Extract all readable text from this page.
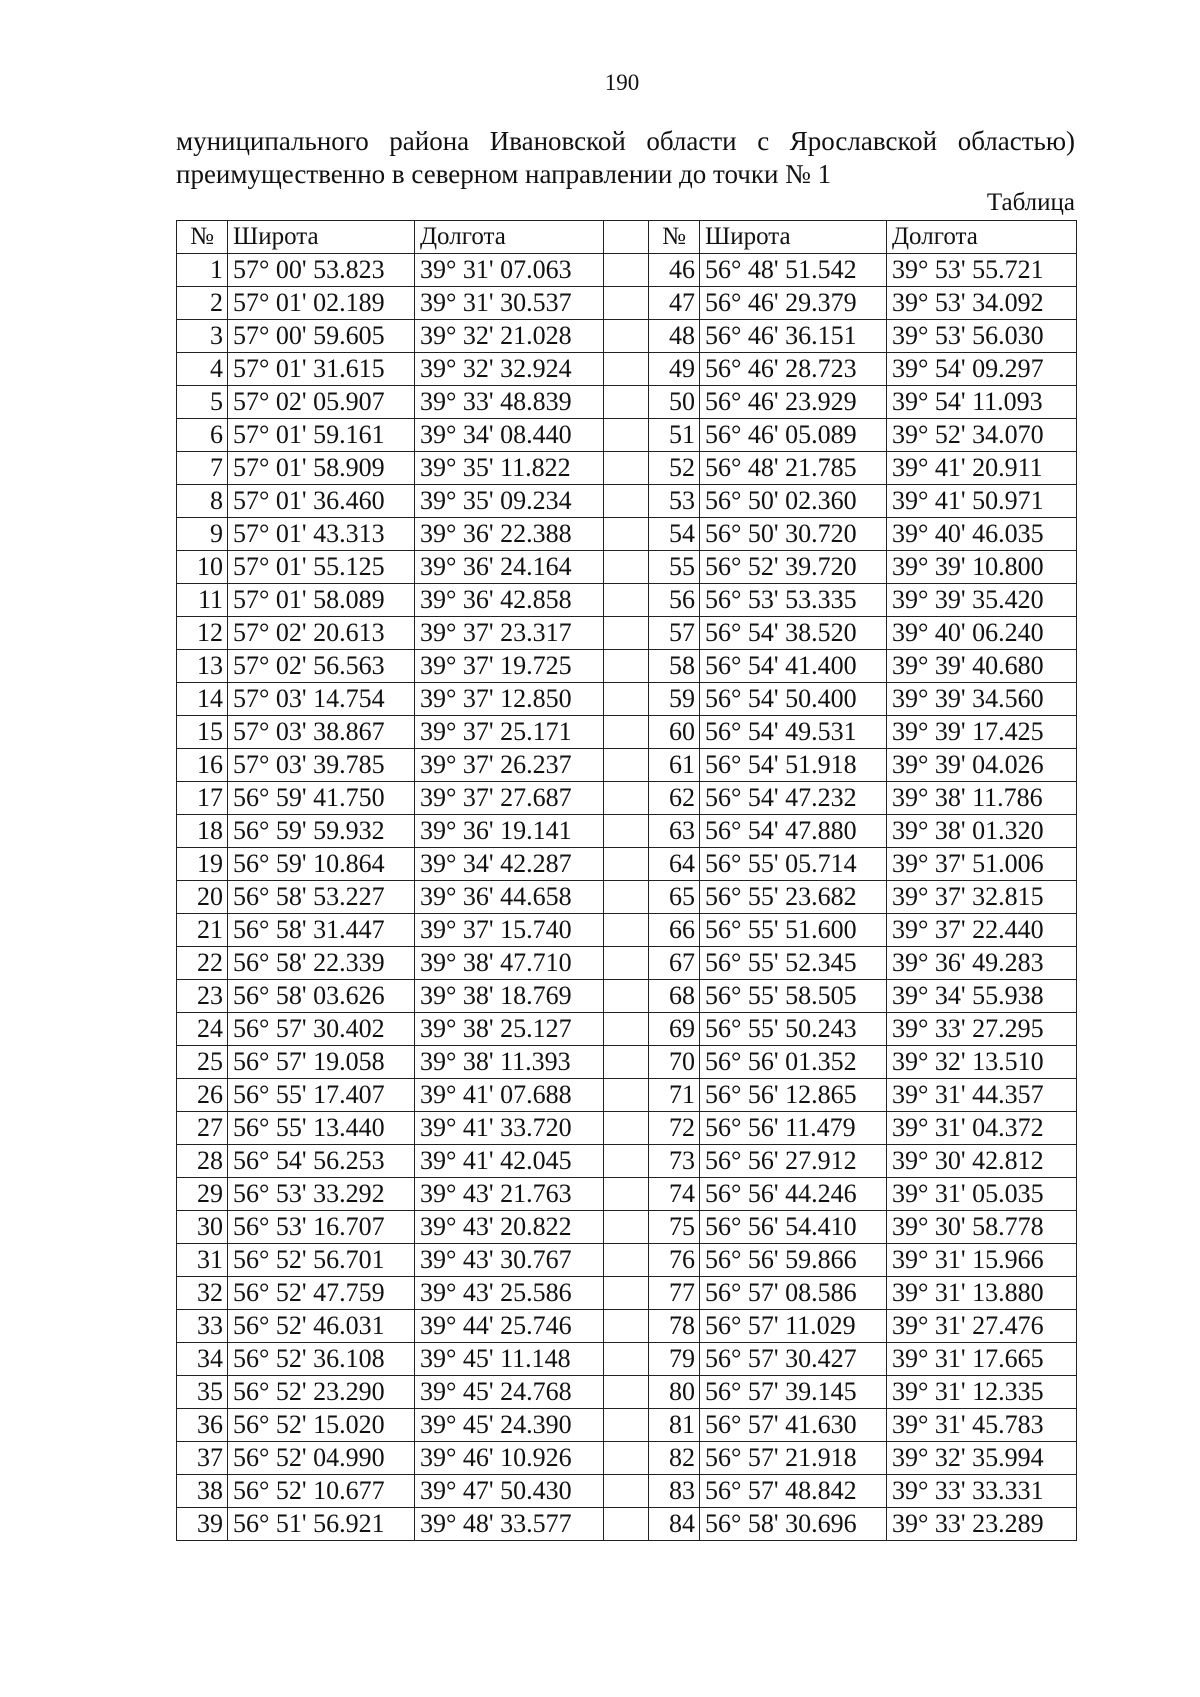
190
муниципального района Ивановской области с Ярославской областью)
преимущественно в северном направлении до точки № 1
Таблица
№	Широта	Долгота		№	Широта	Долгота
1	57° 00' 53.823	39° 31' 07.063		46	56° 48' 51.542	39° 53' 55.721
2	57° 01' 02.189	39° 31' 30.537		47	56° 46' 29.379	39° 53' 34.092
3	57° 00' 59.605	39° 32' 21.028		48	56° 46' 36.151	39° 53' 56.030
4	57° 01' 31.615	39° 32' 32.924		49	56° 46' 28.723	39° 54' 09.297
5	57° 02' 05.907	39° 33' 48.839		50	56° 46' 23.929	39° 54' 11.093
6	57° 01' 59.161	39° 34' 08.440		51	56° 46' 05.089	39° 52' 34.070
7	57° 01' 58.909	39° 35' 11.822		52	56° 48' 21.785	39° 41' 20.911
8	57° 01' 36.460	39° 35' 09.234		53	56° 50' 02.360	39° 41' 50.971
9	57° 01' 43.313	39° 36' 22.388		54	56° 50' 30.720	39° 40' 46.035
10	57° 01' 55.125	39° 36' 24.164		55	56° 52' 39.720	39° 39' 10.800
11	57° 01' 58.089	39° 36' 42.858		56	56° 53' 53.335	39° 39' 35.420
12	57° 02' 20.613	39° 37' 23.317		57	56° 54' 38.520	39° 40' 06.240
13	57° 02' 56.563	39° 37' 19.725		58	56° 54' 41.400	39° 39' 40.680
14	57° 03' 14.754	39° 37' 12.850		59	56° 54' 50.400	39° 39' 34.560
15	57° 03' 38.867	39° 37' 25.171		60	56° 54' 49.531	39° 39' 17.425
16	57° 03' 39.785	39° 37' 26.237		61	56° 54' 51.918	39° 39' 04.026
17	56° 59' 41.750	39° 37' 27.687		62	56° 54' 47.232	39° 38' 11.786
18	56° 59' 59.932	39° 36' 19.141		63	56° 54' 47.880	39° 38' 01.320
19	56° 59' 10.864	39° 34' 42.287		64	56° 55' 05.714	39° 37' 51.006
20	56° 58' 53.227	39° 36' 44.658		65	56° 55' 23.682	39° 37' 32.815
21	56° 58' 31.447	39° 37' 15.740		66	56° 55' 51.600	39° 37' 22.440
22	56° 58' 22.339	39° 38' 47.710		67	56° 55' 52.345	39° 36' 49.283
23	56° 58' 03.626	39° 38' 18.769		68	56° 55' 58.505	39° 34' 55.938
24	56° 57' 30.402	39° 38' 25.127		69	56° 55' 50.243	39° 33' 27.295
25	56° 57' 19.058	39° 38' 11.393		70	56° 56' 01.352	39° 32' 13.510
26	56° 55' 17.407	39° 41' 07.688		71	56° 56' 12.865	39° 31' 44.357
27	56° 55' 13.440	39° 41' 33.720		72	56° 56' 11.479	39° 31' 04.372
28	56° 54' 56.253	39° 41' 42.045		73	56° 56' 27.912	39° 30' 42.812
29	56° 53' 33.292	39° 43' 21.763		74	56° 56' 44.246	39° 31' 05.035
30	56° 53' 16.707	39° 43' 20.822		75	56° 56' 54.410	39° 30' 58.778
31	56° 52' 56.701	39° 43' 30.767		76	56° 56' 59.866	39° 31' 15.966
32	56° 52' 47.759	39° 43' 25.586		77	56° 57' 08.586	39° 31' 13.880
33	56° 52' 46.031	39° 44' 25.746		78	56° 57' 11.029	39° 31' 27.476
34	56° 52' 36.108	39° 45' 11.148		79	56° 57' 30.427	39° 31' 17.665
35	56° 52' 23.290	39° 45' 24.768		80	56° 57' 39.145	39° 31' 12.335
36	56° 52' 15.020	39° 45' 24.390		81	56° 57' 41.630	39° 31' 45.783
37	56° 52' 04.990	39° 46' 10.926		82	56° 57' 21.918	39° 32' 35.994
38	56° 52' 10.677	39° 47' 50.430		83	56° 57' 48.842	39° 33' 33.331
39	56° 51' 56.921	39° 48' 33.577		84	56° 58' 30.696	39° 33' 23.289
